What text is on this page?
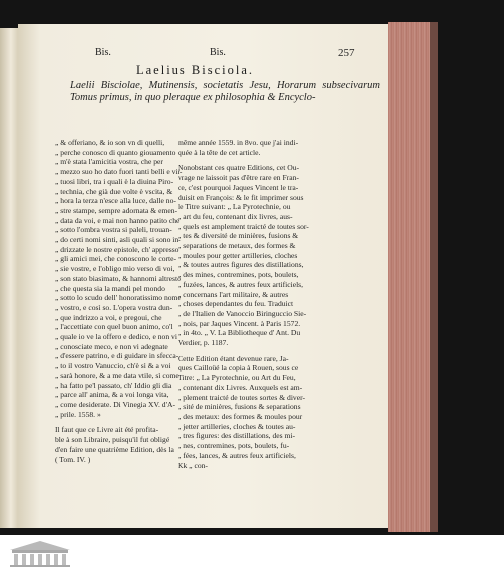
Bis.	Bis.	257
Laelius Bisciola.
Laelii Bisciolae, Mutinensis, societatis Jesu, Horarum subsecivarum Tomus primus, in quo pleraque ex philosophia & Encyclo-

„ & offeriano, & io son vn di quelli,

„ perche conosco di quanto giouamento

„ m'è stata l'amicitia vostra, che per

„ mezzo suo ho dato fuori tanti belli e vir-

„ tuosi libri, tra i quali è la diuina Piro-

„ technia, che già due volte è vscita, &

„ hora la terza n'esce alla luce, dalle no-

„ stre stampe, sempre adornata & emen-

„ data da voi, e mai non hanno patito che

„ sotto l'ombra vostra si paleli, trouan-

„ do certi nomi sinti, asli quali si sono in-

„ drizzate le nostre epistole, ch' appresso

„ gli amici mei, che conoscono le corte-

„ sie vostre, e l'obligo mio verso di voi,

„ son stato biasimato, & hannomi altresto

„ che questa sia la mandi pel mondo

„ sotto lo scudo dell' honoratissimo nome

„ vostro, e così so. L'opera vostra dun-

„ que indrizzo a voi, e pregoui, che

„ l'accettiate con quel buon animo, co'l

„ quale io ve la offero e dedico, e non vi

„ conosciate meco, e non vi adegnate

„ d'essere patrino, e di guidare in sfecca-

„ to il vostro Vanuccio, ch'è sì & a voi

„ sarà honore, & a me data vtile, sì come

„ ha fatto pe'l passato, ch' Iddio gli dia

„ parce all' anima, & a voi longa vita,

„ come desiderate. Di Vinegia XV. d'A-

„ prile. 1558. »

Il faut que ce Livre ait été profita-

ble à son Libraire, puisqu'il fut obligé

d'en faire une quatrième Edition, dès la

( Tom. IV. )

même année 1559. in 8vo. que j'ai indi-

quée à la tête de cet article.

Nonobstant ces quatre Editions, cet Ou-

vrage ne laissoit pas d'être rare en Fran-

ce, c'est pourquoi Jaques Vincent le tra-

duisit en François: & le fit imprimer sous

le Titre suivant: „ La Pyrotechnie, ou

„ art du feu, contenant dix livres, aus-

„ quels est amplement traicté de toutes sor-

„ tes & diversité de minières, fusions &

„ separations de metaux, des formes &

„ moules pour getter artilleries, cloches

„ & toutes autres figures des distillations,

„ des mines, contremines, pots, boulets,

„ fuzées, lances, & autres feux artificiels,

„ concernans l'art militaire, & autres

„ choses dependantes du feu. Traduict

„ de l'Italien de Vanoccio Biringuccio Sie-

„ nois, par Jaques Vincent. à Paris 1572.

„ in 4to. „ V. La Bibliotheque d' Ant. Du

Verdier, p. 1187.

Cette Edition étant devenue rare, Ja-

ques Cailloüé la copia à Rouen, sous ce

Titre: „ La Pyrotechnie, ou Art du Feu,

„ contenant dix Livres. Auxquels est am-

„ plement traicté de toutes sortes & diver-

„ sité de minières, fusions & separations

„ des metaux: des formes & moules pour

„ jetter artilleries, cloches & toutes au-

„ tres figures: des distillations, des mi-

„ nes, contremines, pots, boulets, fu-

„ fées, lances, & autres feux artificiels,

Kk „ con-
